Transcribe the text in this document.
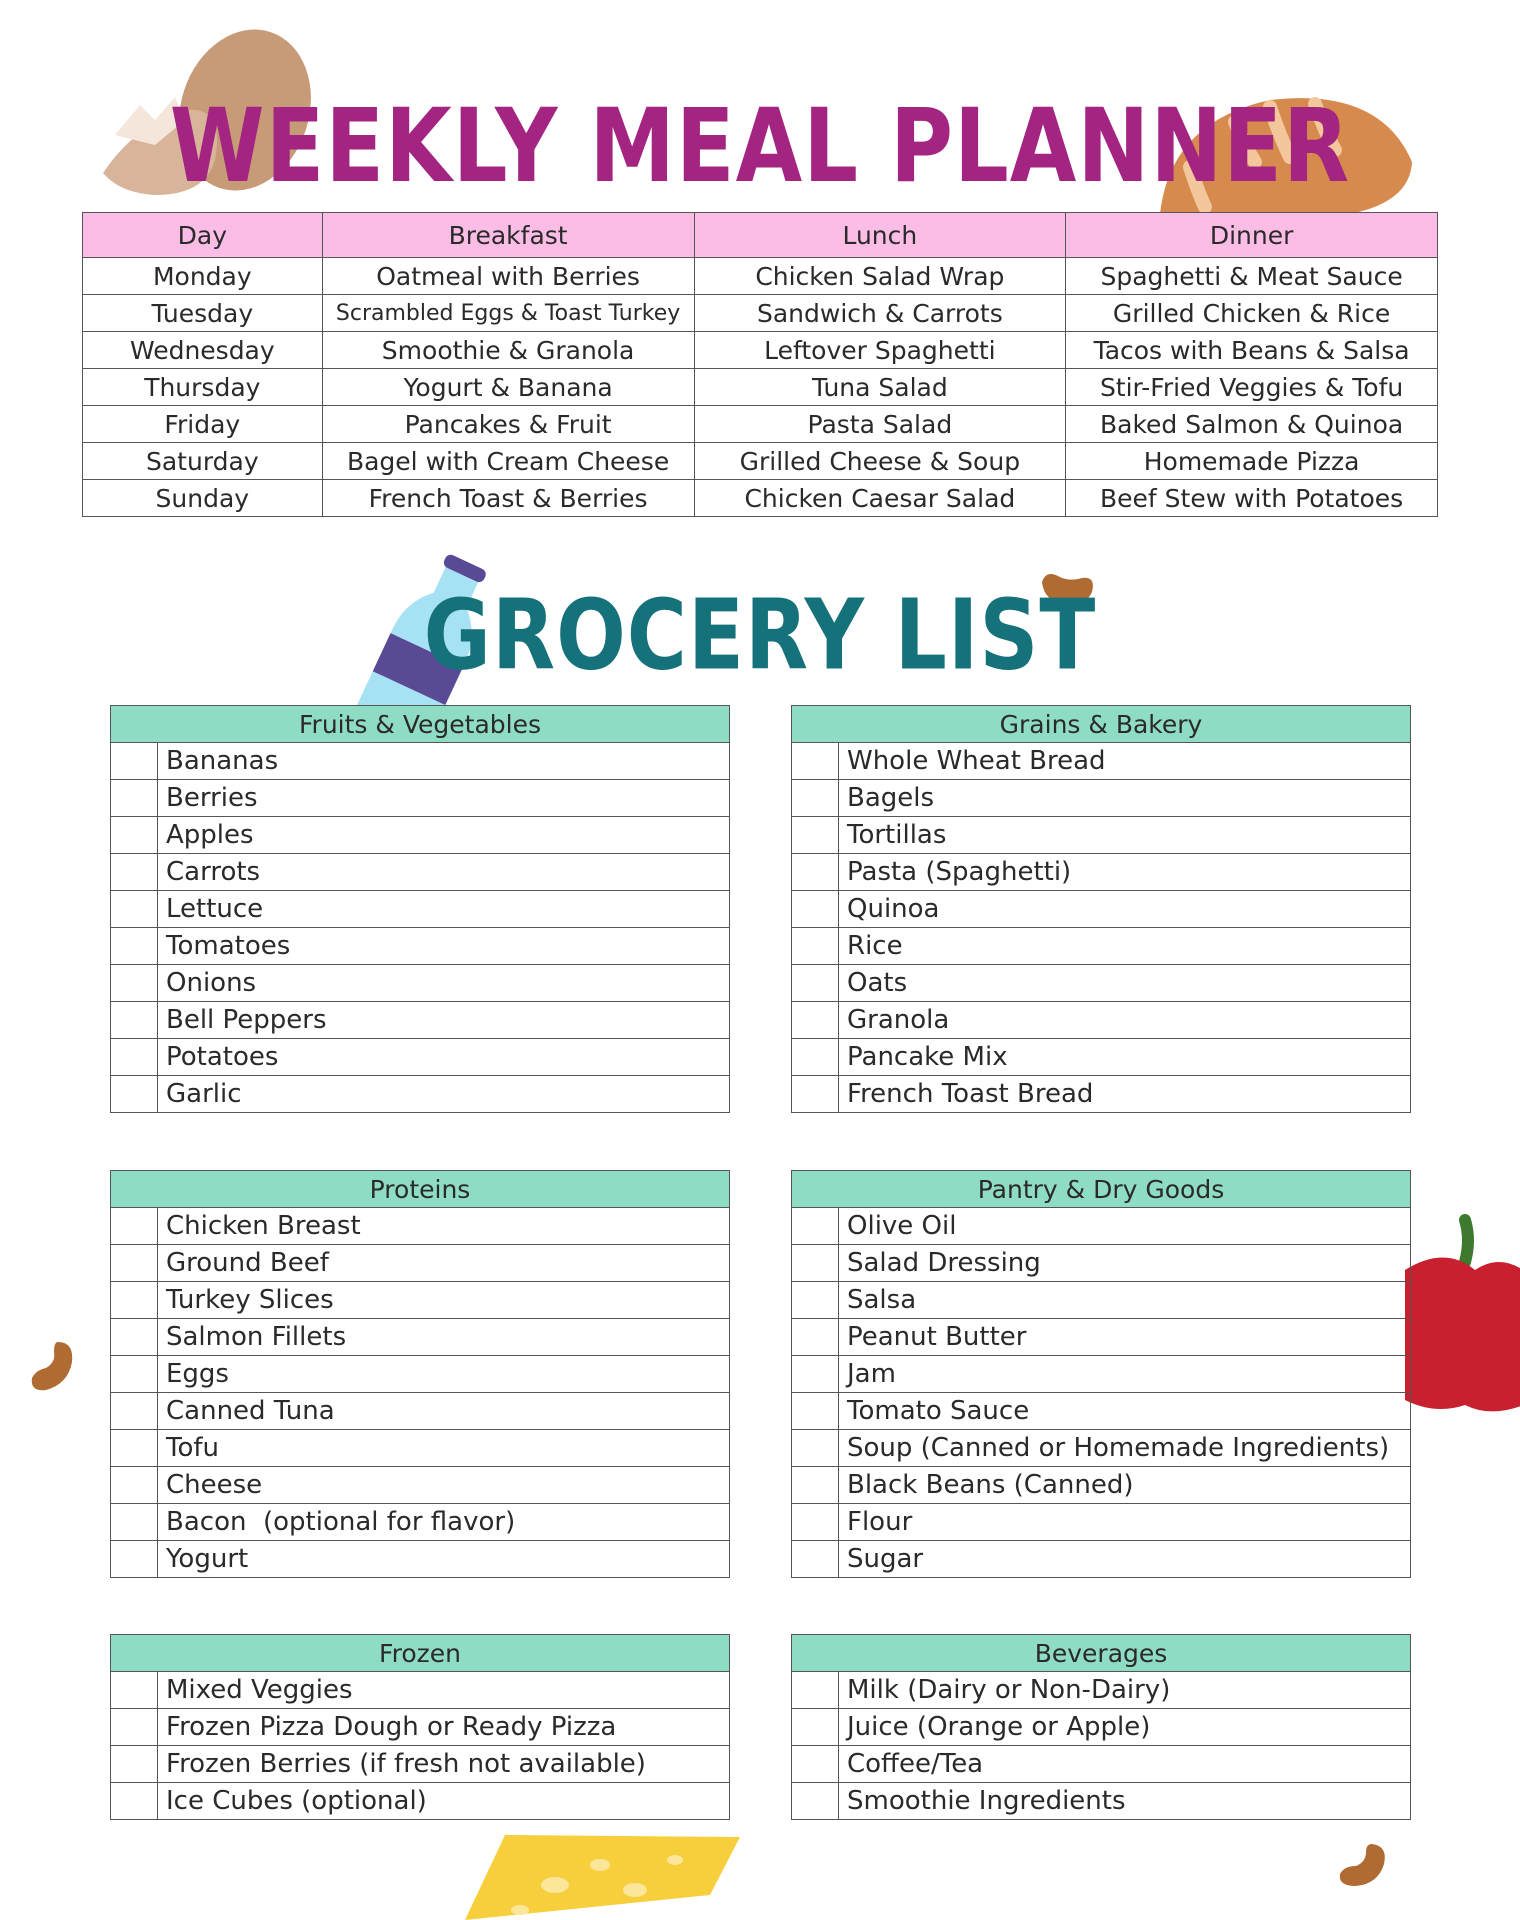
WEEKLY MEAL PLANNER
Day	Breakfast	Lunch	Dinner
Monday	Oatmeal with Berries	Chicken Salad Wrap	Spaghetti & Meat Sauce
Tuesday	Scrambled Eggs & Toast Turkey	Sandwich & Carrots	Grilled Chicken & Rice
Wednesday	Smoothie & Granola	Leftover Spaghetti	Tacos with Beans & Salsa
Thursday	Yogurt & Banana	Tuna Salad	Stir-Fried Veggies & Tofu
Friday	Pancakes & Fruit	Pasta Salad	Baked Salmon & Quinoa
Saturday	Bagel with Cream Cheese	Grilled Cheese & Soup	Homemade Pizza
Sunday	French Toast & Berries	Chicken Caesar Salad	Beef Stew with Potatoes
GROCERY LIST
Fruits & Vegetables	
	Bananas
	Berries
	Apples
	Carrots
	Lettuce
	Tomatoes
	Onions
	Bell Peppers
	Potatoes
	Garlic
Grains & Bakery	
	Whole Wheat Bread
	Bagels
	Tortillas
	Pasta (Spaghetti)
	Quinoa
	Rice
	Oats
	Granola
	Pancake Mix
	French Toast Bread
Proteins	
	Chicken Breast
	Ground Beef
	Turkey Slices
	Salmon Fillets
	Eggs
	Canned Tuna
	Tofu
	Cheese
	Bacon  (optional for flavor)
	Yogurt
Pantry & Dry Goods	
	Olive Oil
	Salad Dressing
	Salsa
	Peanut Butter
	Jam
	Tomato Sauce
	Soup (Canned or Homemade Ingredients)
	Black Beans (Canned)
	Flour
	Sugar
Frozen	
	Mixed Veggies
	Frozen Pizza Dough or Ready Pizza
	Frozen Berries (if fresh not available)
	Ice Cubes (optional)
Beverages	
	Milk (Dairy or Non-Dairy)
	Juice (Orange or Apple)
	Coffee/Tea
	Smoothie Ingredients
